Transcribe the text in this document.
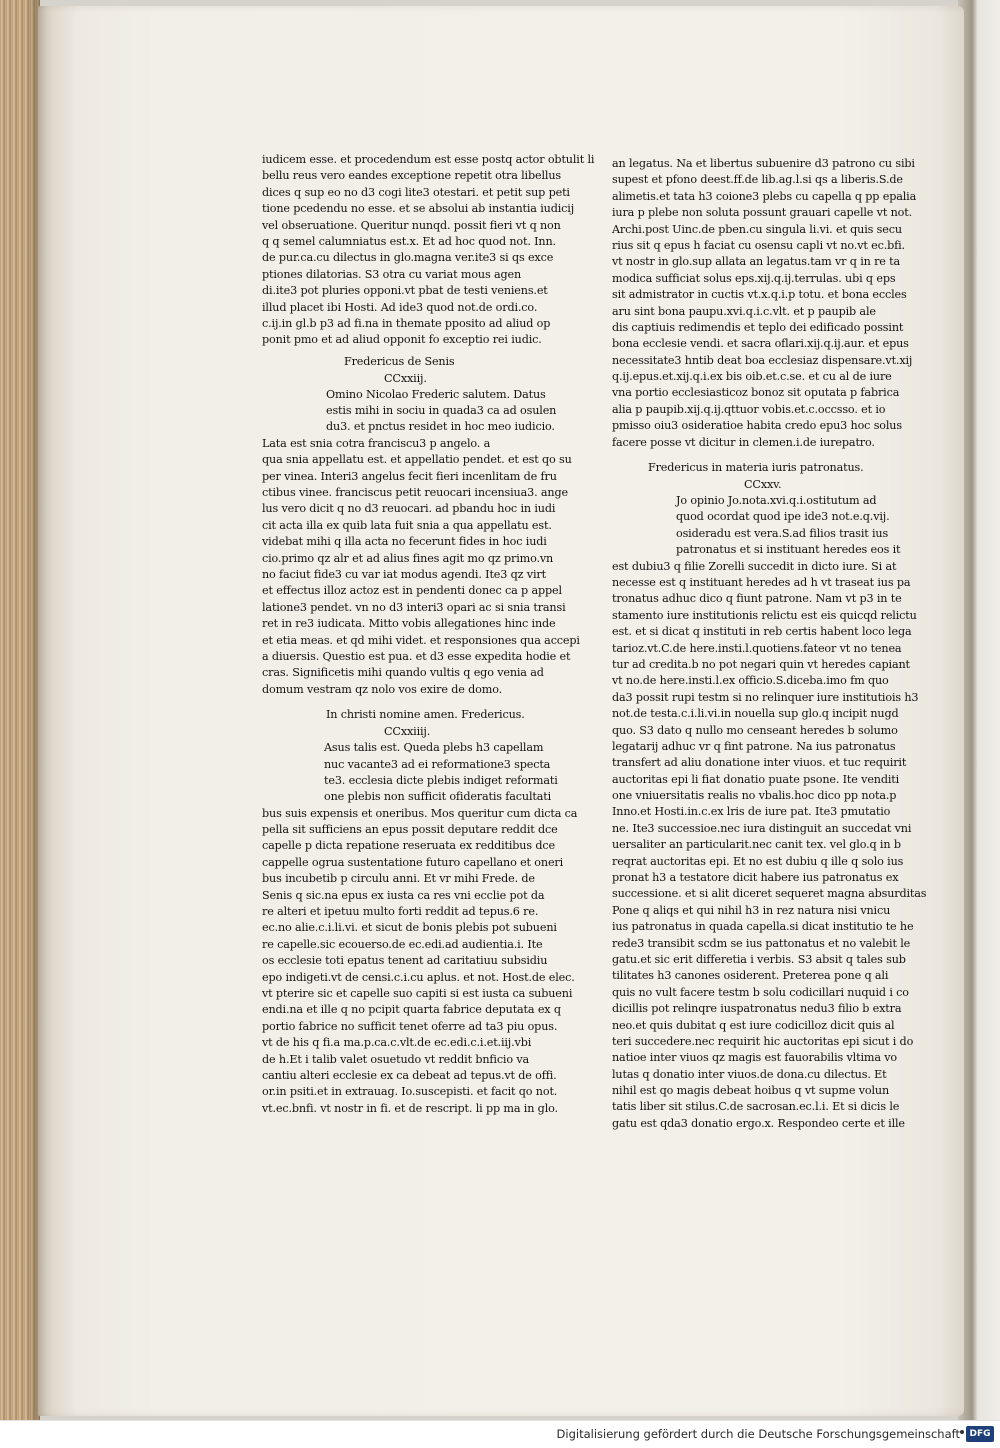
iudicem esse. et procedendum est esse postq actor obtulit li
bellu reus vero eandes exceptione repetit otra libellus
dices q sup eo no d3 cogi lite3 otestari. et petit sup peti
tione pcedendu no esse. et se absolui ab instantia iudicij
vel obseruatione. Queritur nunqd. possit fieri vt q non
q q semel calumniatus est.x. Et ad hoc quod not. Inn.
de pur.ca.cu dilectus in glo.magna ver.ite3 si qs exce
ptiones dilatorias. S3 otra cu variat mous agen
di.ite3 pot pluries opponi.vt pbat de testi veniens.et
illud placet ibi Hosti. Ad ide3 quod not.de ordi.co.
c.ij.in gl.b p3 ad fi.na in themate pposito ad aliud op
ponit pmo et ad aliud opponit fo exceptio rei iudic.
Fredericus de Senis
CCxxiij.
Omino Nicolao Frederic salutem. Datus
estis mihi in sociu in quada3 ca ad osulen
du3. et pnctus residet in hoc meo iudicio.
Lata est snia cotra franciscu3 p angelo. a
qua snia appellatu est. et appellatio pendet. et est qo su
per vinea. Interi3 angelus fecit fieri incenlitam de fru
ctibus vinee. franciscus petit reuocari incensiua3. ange
lus vero dicit q no d3 reuocari. ad pbandu hoc in iudi
cit acta illa ex quib lata fuit snia a qua appellatu est.
videbat mihi q illa acta no fecerunt fides in hoc iudi
cio.primo qz alr et ad alius fines agit mo qz primo.vn
no faciut fide3 cu var iat modus agendi. Ite3 qz virt
et effectus illoz actoz est in pendenti donec ca p appel
latione3 pendet. vn no d3 interi3 opari ac si snia transi
ret in re3 iudicata. Mitto vobis allegationes hinc inde
et etia meas. et qd mihi videt. et responsiones qua accepi
a diuersis. Questio est pua. et d3 esse expedita hodie et
cras. Significetis mihi quando vultis q ego venia ad
domum vestram qz nolo vos exire de domo.
In christi nomine amen. Fredericus.
CCxxiiij.
Asus talis est. Queda plebs h3 capellam
nuc vacante3 ad ei reformatione3 specta
te3. ecclesia dicte plebis indiget reformati
one plebis non sufficit ofideratis facultati
bus suis expensis et oneribus. Mos queritur cum dicta ca
pella sit sufficiens an epus possit deputare reddit dce
capelle p dicta repatione reseruata ex redditibus dce
cappelle ogrua sustentatione futuro capellano et oneri
bus incubetib p circulu anni. Et vr mihi Frede. de
Senis q sic.na epus ex iusta ca res vni ecclie pot da
re alteri et ipetuu multo forti reddit ad tepus.6 re.
ec.no alie.c.i.li.vi. et sicut de bonis plebis pot subueni
re capelle.sic ecouerso.de ec.edi.ad audientia.i. Ite
os ecclesie toti epatus tenent ad caritatiuu subsidiu
epo indigeti.vt de censi.c.i.cu aplus. et not. Host.de elec.
vt pterire sic et capelle suo capiti si est iusta ca subueni
endi.na et ille q no pcipit quarta fabrice deputata ex q
portio fabrice no sufficit tenet oferre ad ta3 piu opus.
vt de his q fi.a ma.p.ca.c.vlt.de ec.edi.c.i.et.iij.vbi
de h.Et i talib valet osuetudo vt reddit bnficio va
cantiu alteri ecclesie ex ca debeat ad tepus.vt de offi.
or.in psiti.et in extrauag. Io.suscepisti. et facit qo not.
vt.ec.bnfi. vt nostr in fi. et de rescript. li pp ma in glo.
an legatus. Na et libertus subuenire d3 patrono cu sibi
supest et pfono deest.ff.de lib.ag.l.si qs a liberis.S.de
alimetis.et tata h3 coione3 plebs cu capella q pp epalia
iura p plebe non soluta possunt grauari capelle vt not.
Archi.post Uinc.de pben.cu singula li.vi. et quis secu
rius sit q epus h faciat cu osensu capli vt no.vt ec.bfi.
vt nostr in glo.sup allata an legatus.tam vr q in re ta
modica sufficiat solus eps.xij.q.ij.terrulas. ubi q eps
sit admistrator in cuctis vt.x.q.i.p totu. et bona eccles
aru sint bona paupu.xvi.q.i.c.vlt. et p paupib ale
dis captiuis redimendis et teplo dei edificado possint
bona ecclesie vendi. et sacra oflari.xij.q.ij.aur. et epus
necessitate3 hntib deat boa ecclesiaz dispensare.vt.xij
q.ij.epus.et.xij.q.i.ex bis oib.et.c.se. et cu al de iure
vna portio ecclesiasticoz bonoz sit oputata p fabrica
alia p paupib.xij.q.ij.qttuor vobis.et.c.occsso. et io
pmisso oiu3 osideratioe habita credo epu3 hoc solus
facere posse vt dicitur in clemen.i.de iurepatro.
Fredericus in materia iuris patronatus.
CCxxv.
Jo opinio Jo.nota.xvi.q.i.ostitutum ad
quod ocordat quod ipe ide3 not.e.q.vij.
osideradu est vera.S.ad filios trasit ius
patronatus et si instituant heredes eos it
est dubiu3 q filie Zorelli succedit in dicto iure. Si at
necesse est q instituant heredes ad h vt traseat ius pa
tronatus adhuc dico q fiunt patrone. Nam vt p3 in te
stamento iure institutionis relictu est eis quicqd relictu
est. et si dicat q instituti in reb certis habent loco lega
tarioz.vt.C.de here.insti.l.quotiens.fateor vt no tenea
tur ad credita.b no pot negari quin vt heredes capiant
vt no.de here.insti.l.ex officio.S.diceba.imo fm quo
da3 possit rupi testm si no relinquer iure institutiois h3
not.de testa.c.i.li.vi.in nouella sup glo.q incipit nugd
quo. S3 dato q nullo mo censeant heredes b solumo
legatarij adhuc vr q fint patrone. Na ius patronatus
transfert ad aliu donatione inter viuos. et tuc requirit
auctoritas epi li fiat donatio puate psone. Ite venditi
one vniuersitatis realis no vbalis.hoc dico pp nota.p
Inno.et Hosti.in.c.ex lris de iure pat. Ite3 pmutatio
ne. Ite3 successioe.nec iura distinguit an succedat vni
uersaliter an particularit.nec canit tex. vel glo.q in b
reqrat auctoritas epi. Et no est dubiu q ille q solo ius
pronat h3 a testatore dicit habere ius patronatus ex
successione. et si alit diceret sequeret magna absurditas
Pone q aliqs et qui nihil h3 in rez natura nisi vnicu
ius patronatus in quada capella.si dicat institutio te he
rede3 transibit scdm se ius pattonatus et no valebit le
gatu.et sic erit differetia i verbis. S3 absit q tales sub
tilitates h3 canones osiderent. Preterea pone q ali
quis no vult facere testm b solu codicillari nuquid i co
dicillis pot relinqre iuspatronatus nedu3 filio b extra
neo.et quis dubitat q est iure codicilloz dicit quis al
teri succedere.nec requirit hic auctoritas epi sicut i do
natioe inter viuos qz magis est fauorabilis vltima vo
lutas q donatio inter viuos.de dona.cu dilectus. Et
nihil est qo magis debeat hoibus q vt supme volun
tatis liber sit stilus.C.de sacrosan.ec.l.i. Et si dicis le
gatu est qda3 donatio ergo.x. Respondeo certe et ille
Digitalisierung gefördert durch die Deutsche Forschungsgemeinschaft	DFG
